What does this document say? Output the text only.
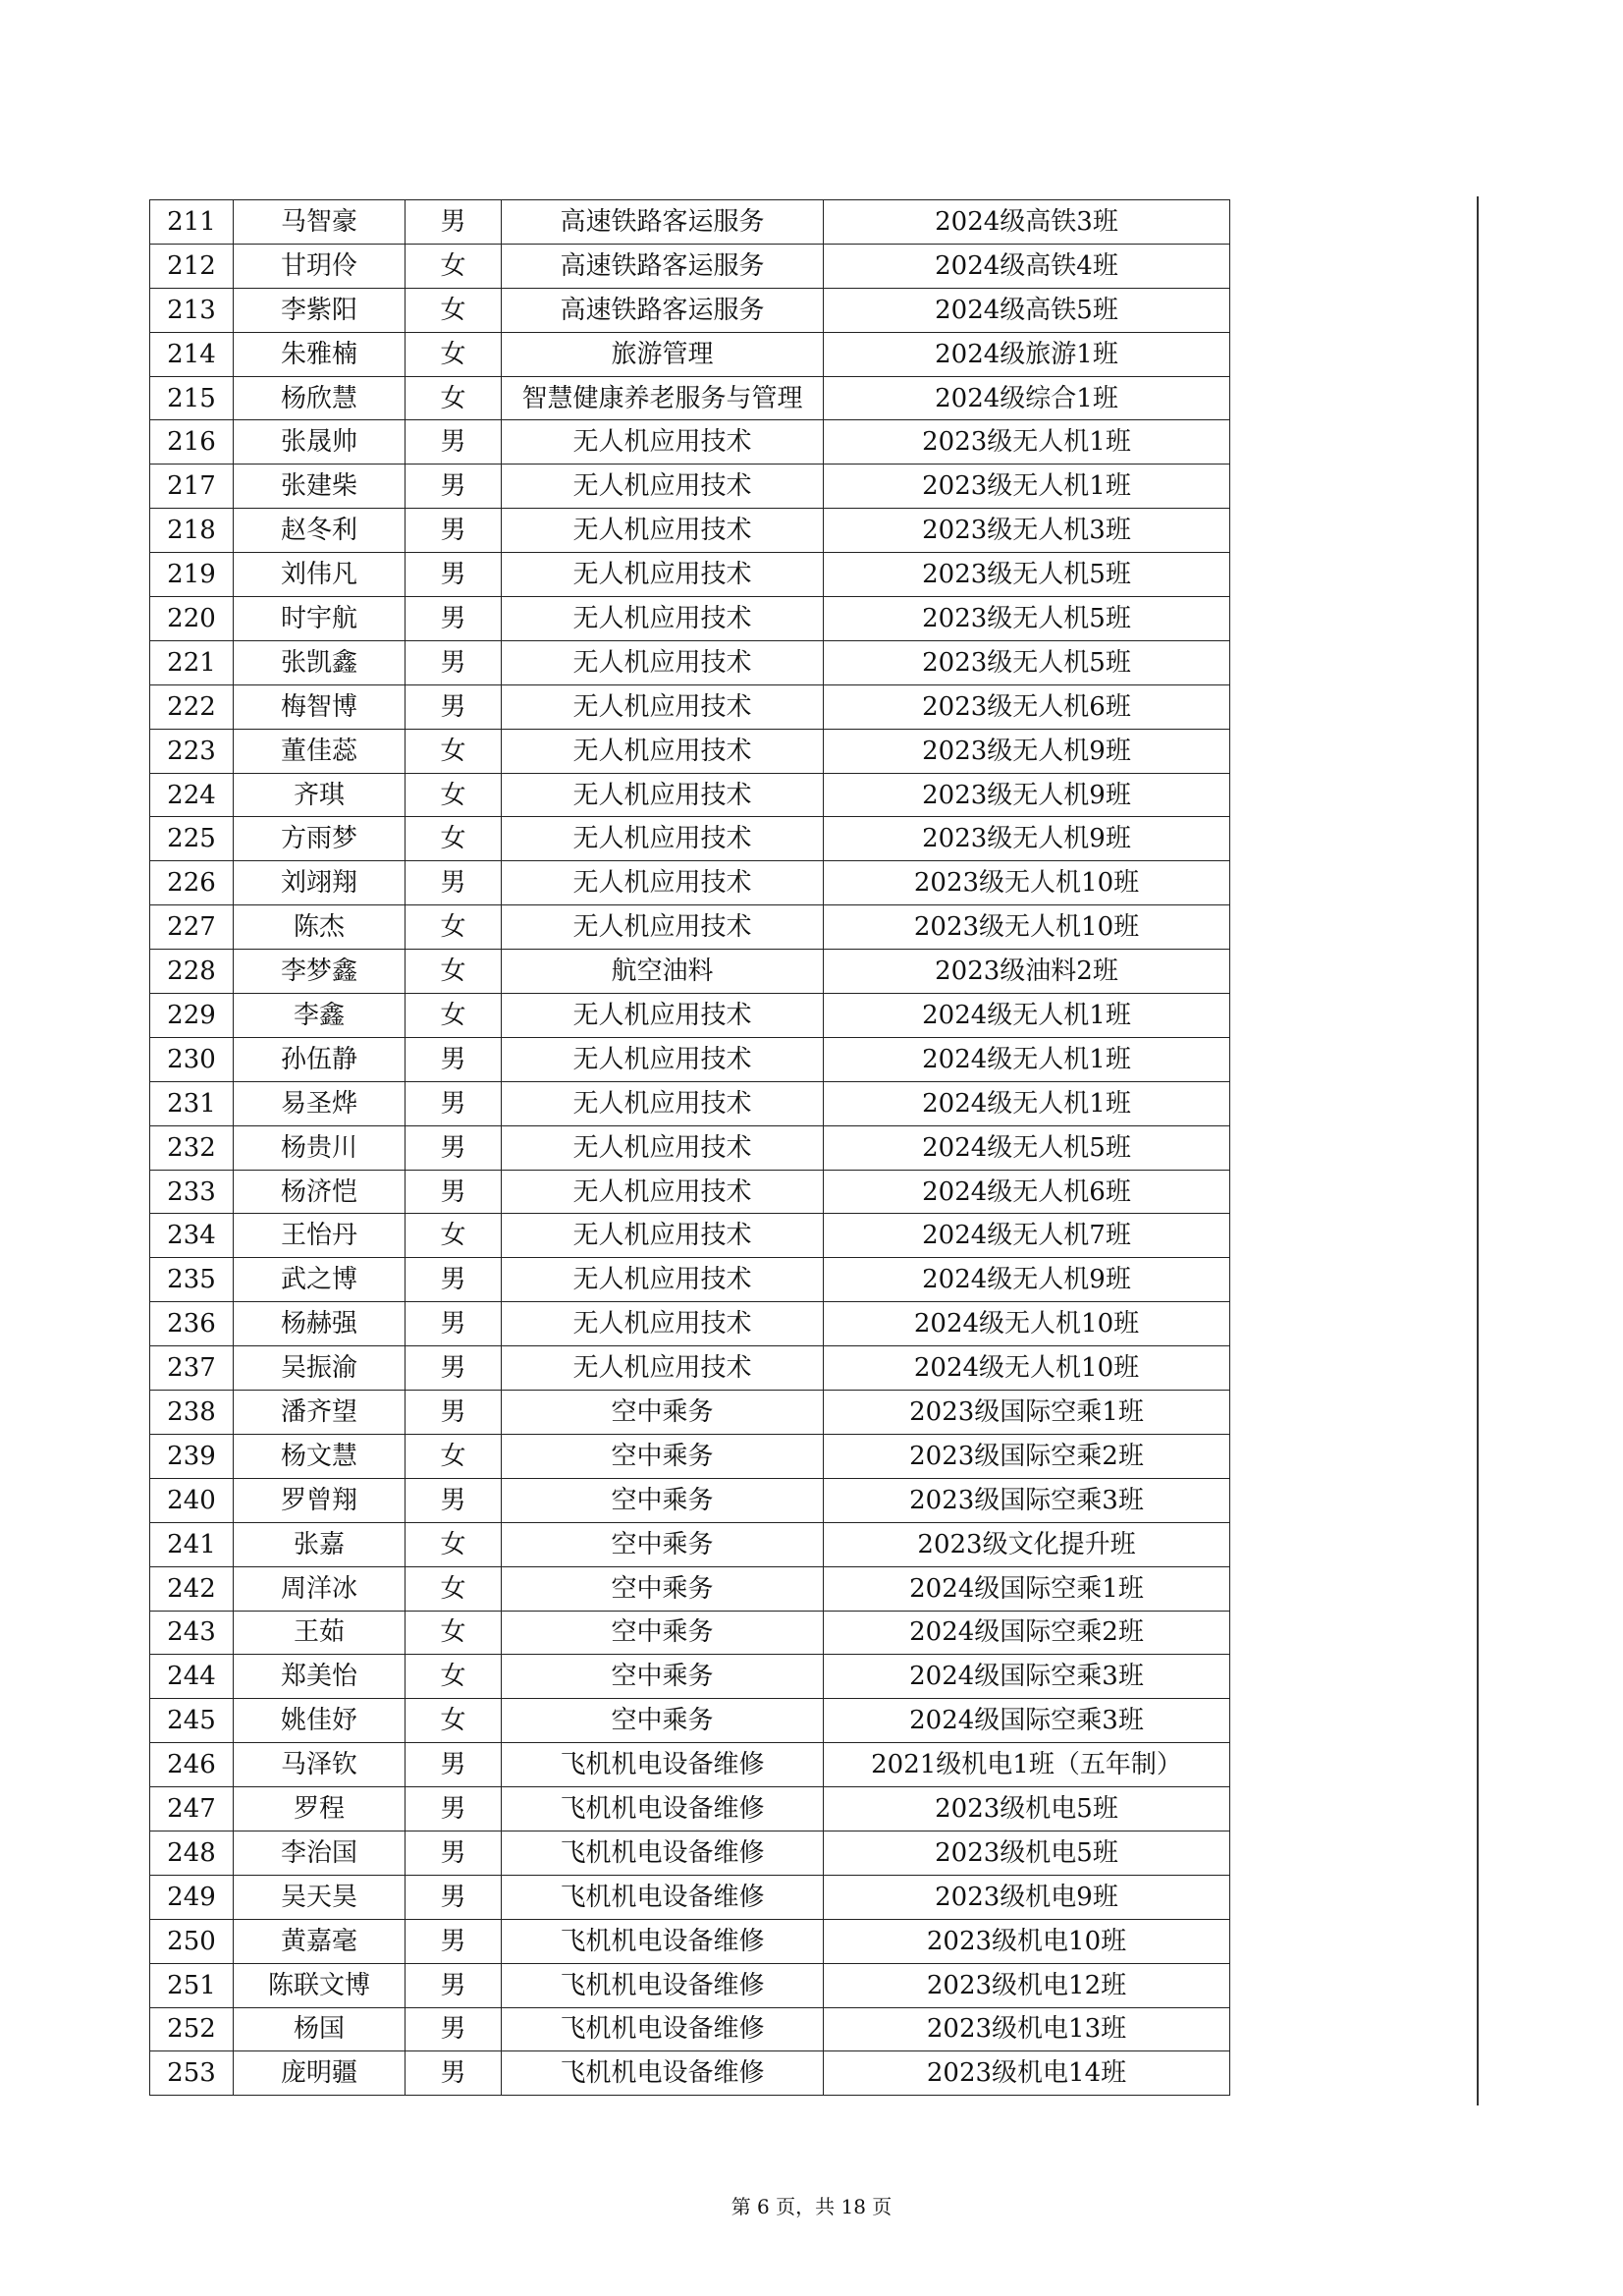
211	马智豪	男	高速铁路客运服务	2024级高铁3班
212	甘玥伶	女	高速铁路客运服务	2024级高铁4班
213	李紫阳	女	高速铁路客运服务	2024级高铁5班
214	朱雅楠	女	旅游管理	2024级旅游1班
215	杨欣慧	女	智慧健康养老服务与管理	2024级综合1班
216	张晟帅	男	无人机应用技术	2023级无人机1班
217	张建柴	男	无人机应用技术	2023级无人机1班
218	赵冬利	男	无人机应用技术	2023级无人机3班
219	刘伟凡	男	无人机应用技术	2023级无人机5班
220	时宇航	男	无人机应用技术	2023级无人机5班
221	张凯鑫	男	无人机应用技术	2023级无人机5班
222	梅智博	男	无人机应用技术	2023级无人机6班
223	董佳蕊	女	无人机应用技术	2023级无人机9班
224	齐琪	女	无人机应用技术	2023级无人机9班
225	方雨梦	女	无人机应用技术	2023级无人机9班
226	刘翊翔	男	无人机应用技术	2023级无人机10班
227	陈杰	女	无人机应用技术	2023级无人机10班
228	李梦鑫	女	航空油料	2023级油料2班
229	李鑫	女	无人机应用技术	2024级无人机1班
230	孙伍静	男	无人机应用技术	2024级无人机1班
231	易圣烨	男	无人机应用技术	2024级无人机1班
232	杨贵川	男	无人机应用技术	2024级无人机5班
233	杨济恺	男	无人机应用技术	2024级无人机6班
234	王怡丹	女	无人机应用技术	2024级无人机7班
235	武之博	男	无人机应用技术	2024级无人机9班
236	杨赫强	男	无人机应用技术	2024级无人机10班
237	吴振渝	男	无人机应用技术	2024级无人机10班
238	潘齐望	男	空中乘务	2023级国际空乘1班
239	杨文慧	女	空中乘务	2023级国际空乘2班
240	罗曾翔	男	空中乘务	2023级国际空乘3班
241	张嘉	女	空中乘务	2023级文化提升班
242	周洋冰	女	空中乘务	2024级国际空乘1班
243	王茹	女	空中乘务	2024级国际空乘2班
244	郑美怡	女	空中乘务	2024级国际空乘3班
245	姚佳妤	女	空中乘务	2024级国际空乘3班
246	马泽钦	男	飞机机电设备维修	2021级机电1班（五年制）
247	罗程	男	飞机机电设备维修	2023级机电5班
248	李治国	男	飞机机电设备维修	2023级机电5班
249	吴天昊	男	飞机机电设备维修	2023级机电9班
250	黄嘉毫	男	飞机机电设备维修	2023级机电10班
251	陈联文博	男	飞机机电设备维修	2023级机电12班
252	杨国	男	飞机机电设备维修	2023级机电13班
253	庞明疆	男	飞机机电设备维修	2023级机电14班
第 6 页，共 18 页
